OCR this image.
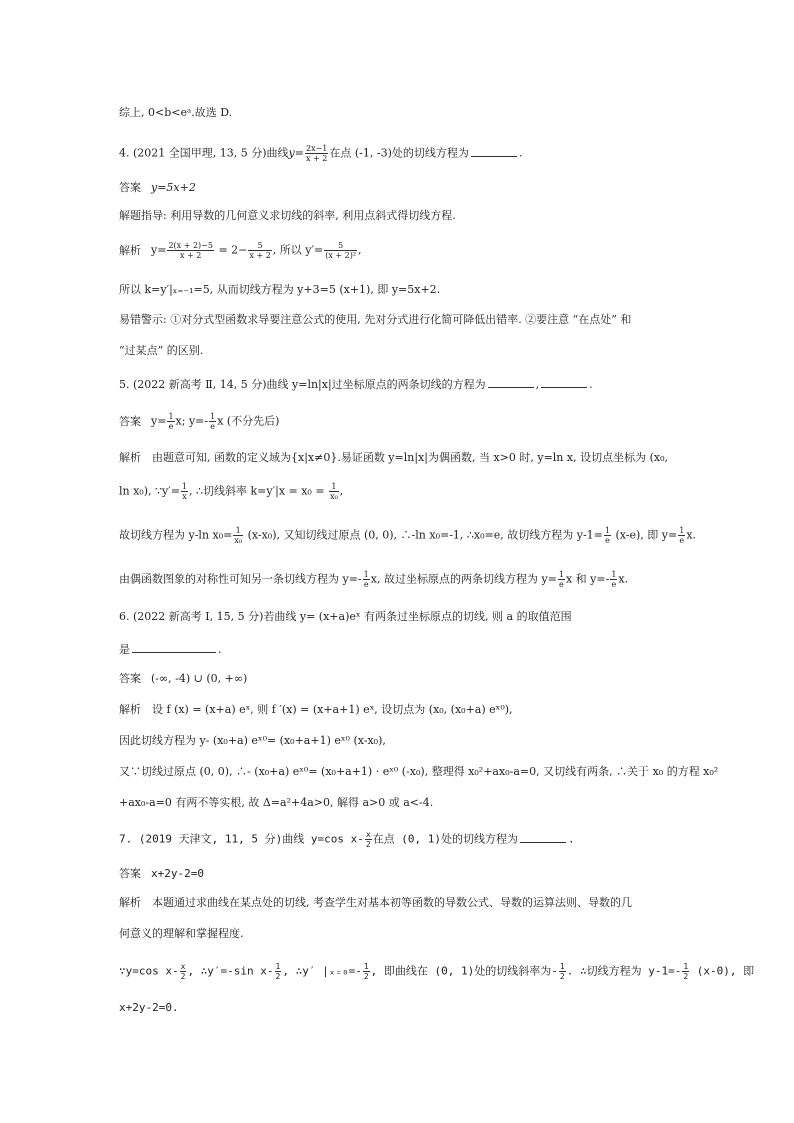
综上, 0<b<eᵃ.故选 D.
4. (2021 全国甲理, 13, 5 分)曲线$y= \frac{2x-1}{x + 2}$ 在点 (-1, -3)处的切线方程为	.
答案 y=5x+2
解题指导: 利用导数的几何意义求切线的斜率, 利用点斜式得切线方程.
解析 $y= \frac{2(x + 2)-5}{x + 2} = 2- \frac{5}{x + 2}$ , 所以 $y'= \frac{5}{\text{(x + 2)²}}$ ,
所以 k=y′|ₓ₌₋₁=5, 从而切线方程为 y+3=5 (x+1), 即 y=5x+2.
易错警示: ①对分式型函数求导要注意公式的使用, 先对分式进行化简可降低出错率. ②要注意 “在点处” 和
“过某点” 的区别.
5. (2022 新高考 Ⅱ, 14, 5 分)曲线 y=ln|x|过坐标原点的两条切线的方程为	,	.
答案 $y= \frac{1}{e} x$; $y=- \frac{1}{e}$ x (不分先后)
解析　由题意可知, 函数的定义域为{x|x≠0}.易证函数 y=ln|x|为偶函数, 当 x>0 时, y=ln x, 设切点坐标为 (x₀,
ln x₀), ∵y′= $\frac{1}{x}$ , ∴切线斜率 $k=y'|x = x_0 = \frac{1}{\text{x₀}}$ ,
故切线方程为 y-ln $x_0= \frac{1}{\text{x₀}} (x-x_0)$, 又知切线过原点 (0, 0), ∴-ln x₀=-1, ∴x₀=e, 故切线方程为 $y-1= \frac{1}{e} (x-e)$, 即 $y= \frac{1}{e} x$.
由偶函数图象的对称性可知另一条切线方程为 $y=- \frac{1}{e} x$, 故过坐标原点的两条切线方程为 $y= \frac{1}{e}$ x 和 $y=- \frac{1}{e} x$.
6. (2022 新高考 Ⅰ, 15, 5 分)若曲线 y= (x+a)eˣ 有两条过坐标原点的切线, 则 a 的取值范围
是	.
答案 (-∞, -4) ∪ (0, +∞)
解析　设 f (x) = (x+a) eˣ, 则 f ′(x) = (x+a+1) eˣ, 设切点为 (x₀, (x₀+a) eˣ⁰),
因此切线方程为 y- (x₀+a) eˣ⁰= (x₀+a+1) eˣ⁰ (x-x₀),
又∵切线过原点 (0, 0), ∴- (x₀+a) eˣ⁰= (x₀+a+1) · eˣ⁰ (-x₀), 整理得 x₀²+ax₀-a=0, 又切线有两条, ∴关于 x₀ 的方程 x₀²
+ax₀-a=0 有两不等实根, 故 Δ=a²+4a>0, 解得 a>0 或 a<-4.
7. (2019 天津文, 11, 5 分)曲线 y=cos $x- \frac{x}{2}$ 在点 (0, 1)处的切线方程为	.
答案 x+2y-2=0
解析　本题通过求曲线在某点处的切线, 考查学生对基本初等函数的导数公式、导数的运算法则、导数的几
何意义的理解和掌握程度.
∵y=cos $x- \frac{x}{2}$ , ∴y′=-sin $x- \frac{1}{2}$ , ∴y′ $|_{x=0}=- \frac{1}{2}$ , 即曲线在 (0, 1)处的切线斜率为- $\frac{1}{2}$ . ∴切线方程为 $y-1=- \frac{1}{2} (x-0)$, 即
x+2y-2=0.
